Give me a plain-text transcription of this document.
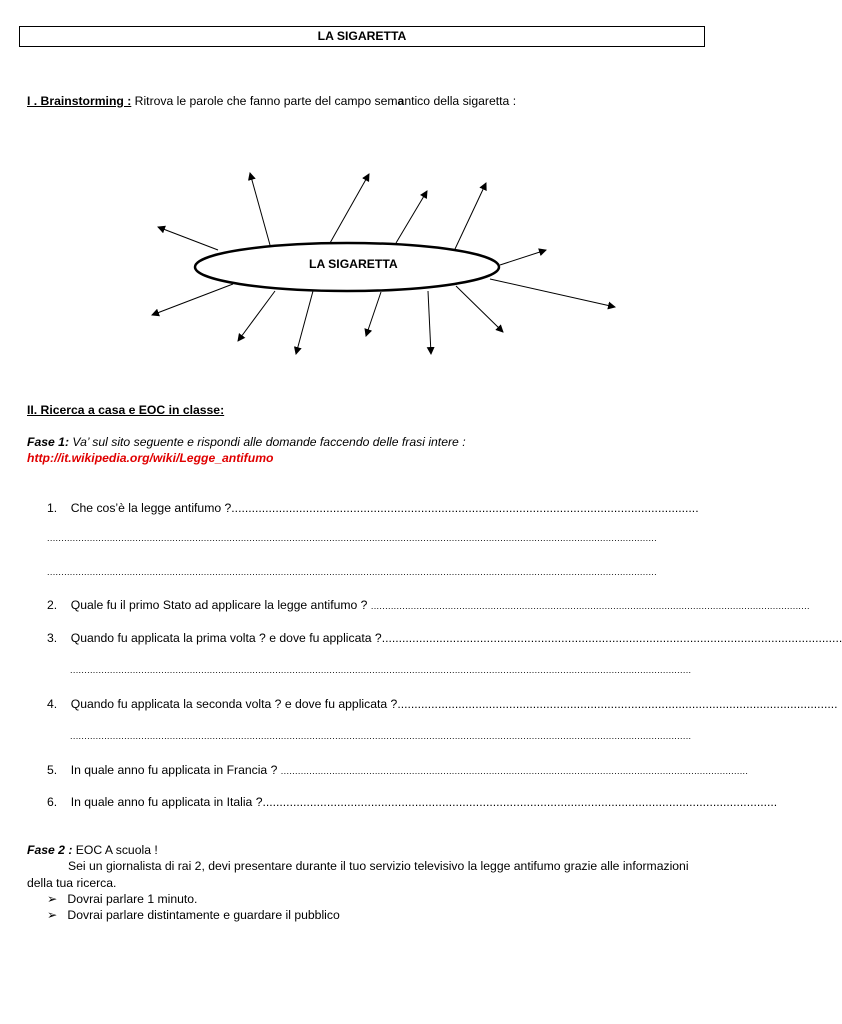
LA SIGARETTA
I . Brainstorming : Ritrova le parole che fanno parte del campo semantico della sigaretta :
LA SIGARETTA
II. Ricerca a casa e EOC in classe:
Fase 1: Va’ sul sito seguente e rispondi alle domande faccendo delle frasi intere :
http://it.wikipedia.org/wiki/Legge_antifumo
1. Che cos’è la legge antifumo ?..........................................................................................................................................
......................................................................................................................................................................................................................
......................................................................................................................................................................................................................
2. Quale fu il primo Stato ad applicare la legge antifumo ? ..........................................................................................................................................................
3. Quando fu applicata la prima volta ? e dove fu applicata ?........................................................................................................................................
..........................................................................................................................................................................................................................
4. Quando fu applicata la seconda volta ? e dove fu applicata ?..................................................................................................................................
..........................................................................................................................................................................................................................
5. In quale anno fu applicata in Francia ? ....................................................................................................................................................................
6. In quale anno fu applicata in Italia ?........................................................................................................................................................
Fase 2 : EOC A scuola !
Sei un giornalista di rai 2, devi presentare durante il tuo servizio televisivo la legge antifumo grazie alle informazioni
della tua ricerca.
➢ Dovrai parlare 1 minuto.
➢ Dovrai parlare distintamente e guardare il pubblico
